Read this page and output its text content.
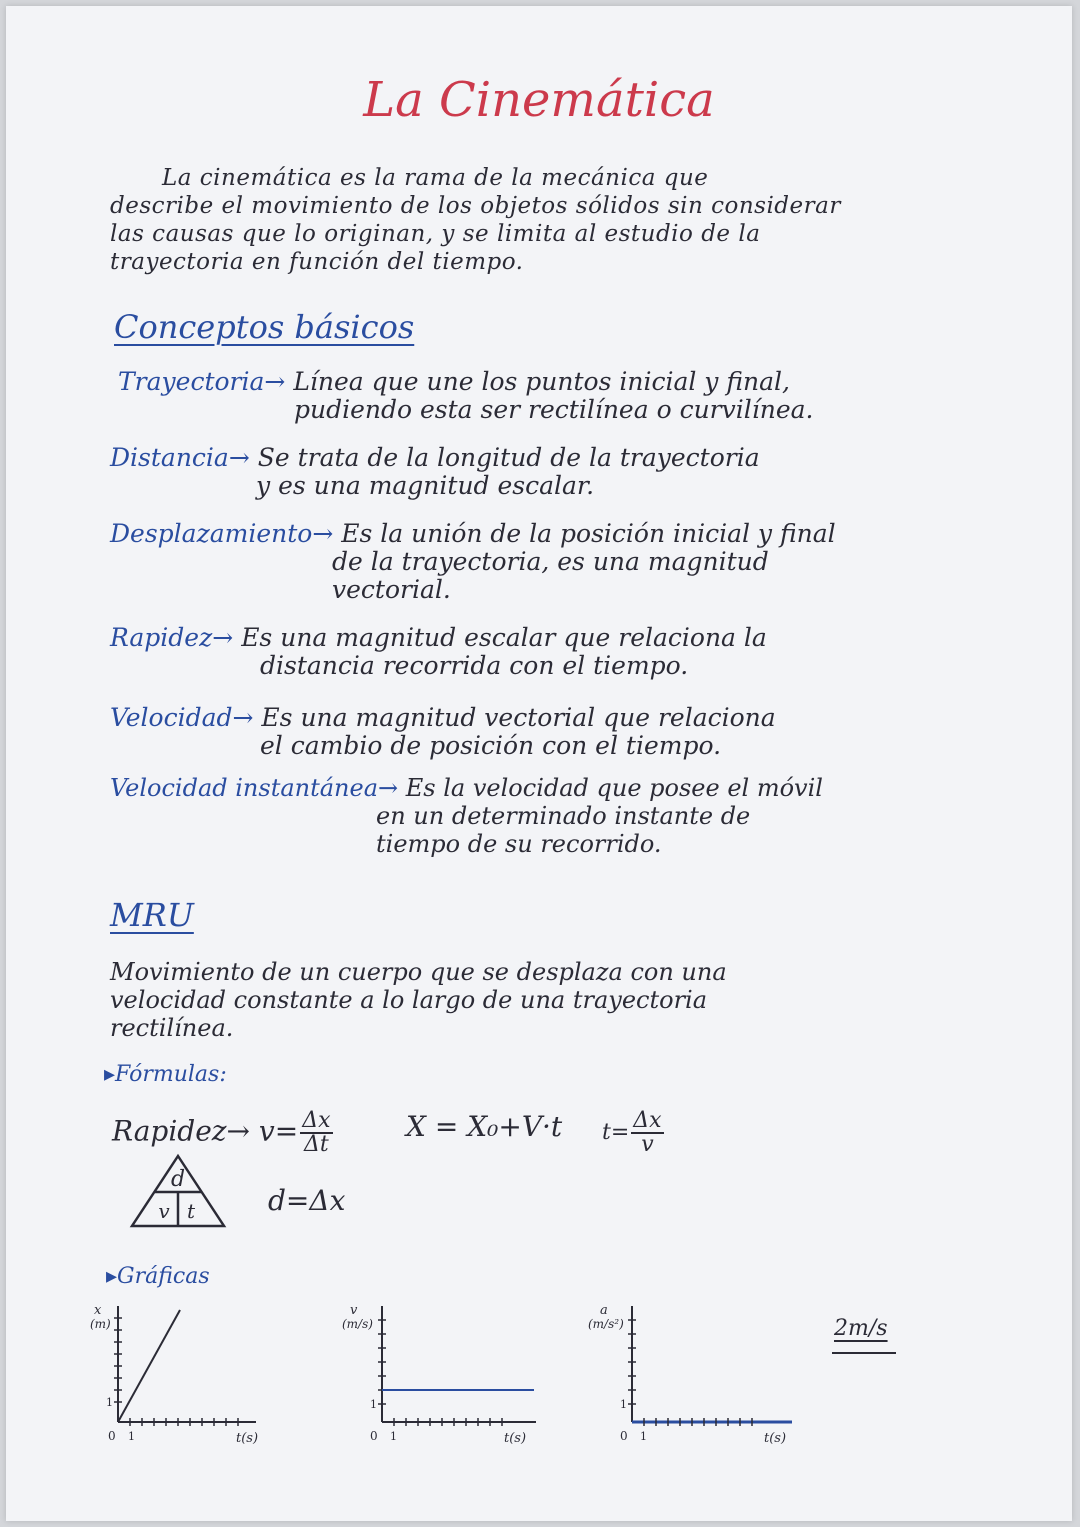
La Cinemática
La cinemática es la rama de la mecánica que
describe el movimiento de los objetos sólidos sin considerar
las causas que lo originan, y se limita al estudio de la
trayectoria en función del tiempo.
Conceptos básicos
Trayectoria→ Línea que une los puntos inicial y final,
pudiendo esta ser rectilínea o curvilínea.
Distancia→ Se trata de la longitud de la trayectoria
y es una magnitud escalar.
Desplazamiento→ Es la unión de la posición inicial y final
de la trayectoria, es una magnitud
vectorial.
Rapidez→ Es una magnitud escalar que relaciona la
distancia recorrida con el tiempo.
Velocidad→ Es una magnitud vectorial que relaciona
el cambio de posición con el tiempo.
Velocidad instantánea→ Es la velocidad que posee el móvil
en un determinado instante de
tiempo de su recorrido.
MRU
Movimiento de un cuerpo que se desplaza con una
velocidad constante a lo largo de una trayectoria
rectilínea.
▸Fórmulas:
Rapidez→ $v= \frac{\Delta x}{\Delta t}$	X = X₀+V·t $t= \frac{\Delta x}{v}$
d
v t	d=Δx
▸Gráficas
x
(m)
1
0 1	t(s)
v
(m/s)
1
0 1	t(s)
a
(m/s²)
1
0 1	t(s)
2m/s
